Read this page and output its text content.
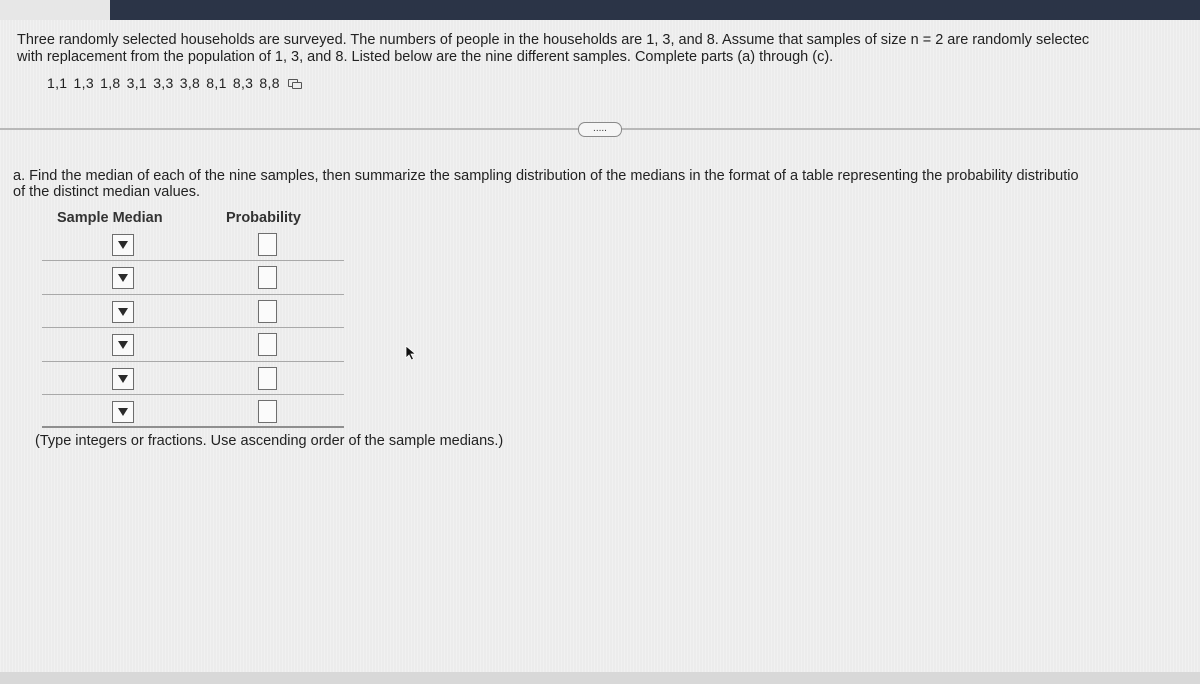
Three randomly selected households are surveyed. The numbers of people in the households are 1, 3, and 8. Assume that samples of size n = 2 are randomly selectec
with replacement from the population of 1, 3, and 8. Listed below are the nine different samples. Complete parts (a) through (c).
1,1 1,3 1,8 3,1 3,3 3,8 8,1 8,3 8,8
.....
a. Find the median of each of the nine samples, then summarize the sampling distribution of the medians in the format of a table representing the probability distributio
of the distinct median values.
Sample Median	Probability
(Type integers or fractions. Use ascending order of the sample medians.)
